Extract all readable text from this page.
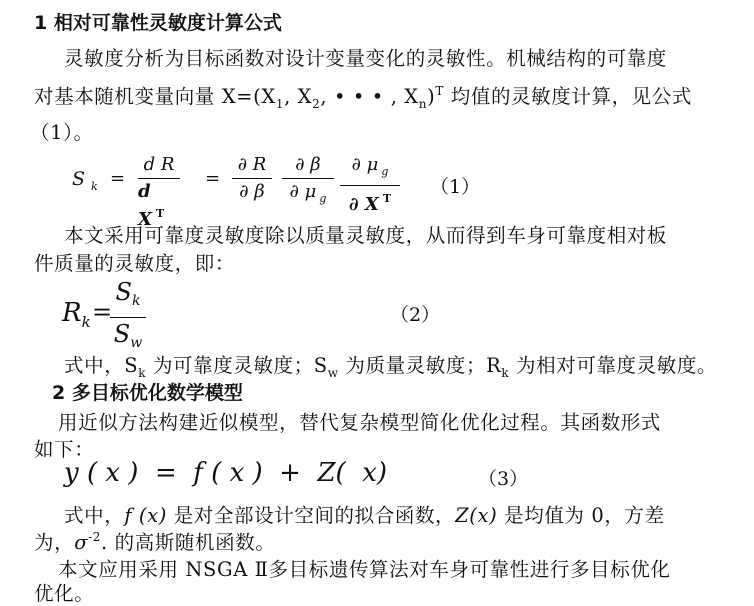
1 相对可靠性灵敏度计算公式
灵敏度分析为目标函数对设计变量变化的灵敏性。机械结构的可靠度
对基本随机变量向量 $X=(X_1$, $X_2$, • • • , $X_n)^T$ 均值的灵敏度计算，见公式
（1）。
S $_k$ =
d R
d X $^T$
=
∂ R
∂ β
∂ β
∂ μ $_g$
∂ μ $_g$
∂ X $^T$
（1）
本文采用可靠度灵敏度除以质量灵敏度，从而得到车身可靠度相对板
件质量的灵敏度，即：
$R_k$ =
$S_k$
$S_w$
（2）
式中，$S_k$ 为可靠度灵敏度；$S_w$ 为质量灵敏度；$R_k$ 为相对可靠度灵敏度。
2 多目标优化数学模型
用近似方法构建近似模型，替代复杂模型简化优化过程。其函数形式
如下：
y ( x )  =  f ( x )  +  Z(  x)	（3）
式中，f (x) 是对全部设计空间的拟合函数，Z(x) 是均值为 0，方差
为，$\sigma^{-2}$. 的高斯随机函数。
本文应用采用 NSGA Ⅱ多目标遗传算法对车身可靠性进行多目标优化
优化。
